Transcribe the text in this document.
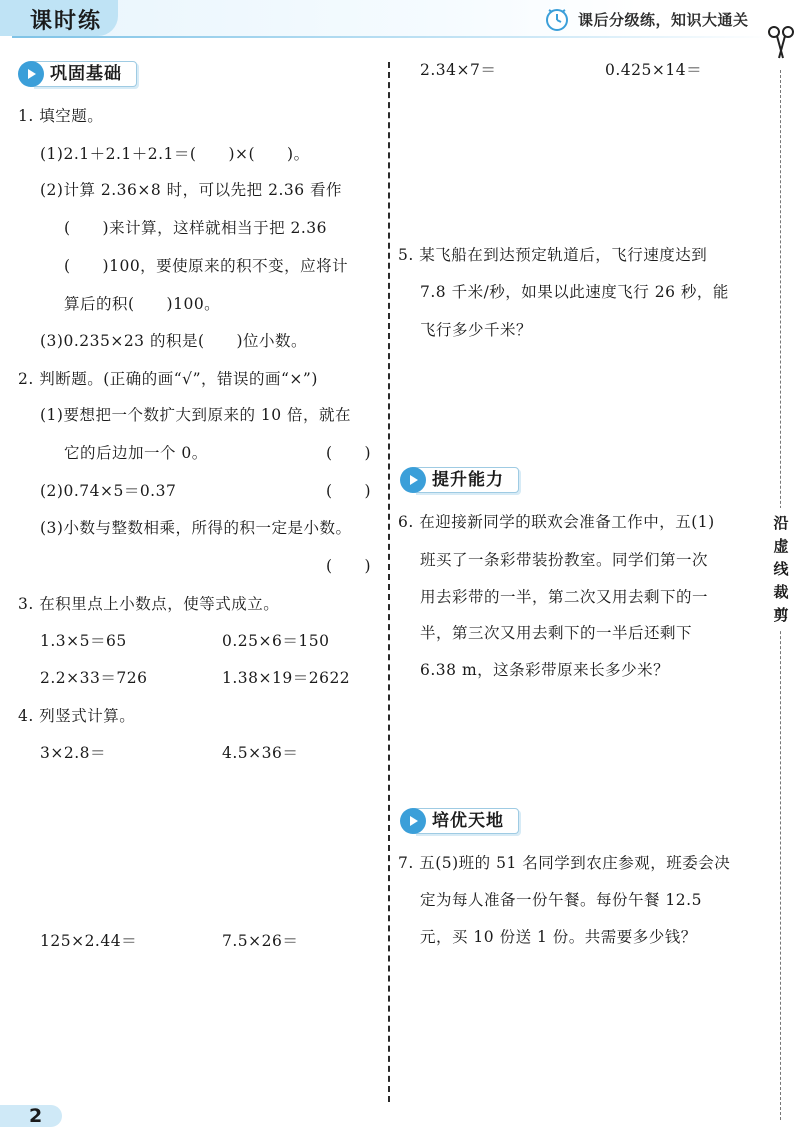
课时练	课后分级练，知识大通关
沿
虚
线
裁
剪
巩固基础
1. 填空题。
(1)2.1＋2.1＋2.1＝(　　)×(　　)。
(2)计算 2.36×8 时，可以先把 2.36 看作
(　　)来计算，这样就相当于把 2.36
(　　)100，要使原来的积不变，应将计
算后的积(　　)100。
(3)0.235×23 的积是(　　)位小数。
2. 判断题。(正确的画“√”，错误的画“×”)
(1)要想把一个数扩大到原来的 10 倍，就在
它的后边加一个 0。	(　　)
(2)0.74×5＝0.37	(　　)
(3)小数与整数相乘，所得的积一定是小数。
(　　)
3. 在积里点上小数点，使等式成立。
1.3×5＝65	0.25×6＝150
2.2×33＝726	1.38×19＝2622
4. 列竖式计算。
3×2.8＝	4.5×36＝
125×2.44＝	7.5×26＝
2.34×7＝	0.425×14＝
5. 某飞船在到达预定轨道后，飞行速度达到
7.8 千米/秒，如果以此速度飞行 26 秒，能
飞行多少千米？
提升能力
6. 在迎接新同学的联欢会准备工作中，五(1)
班买了一条彩带装扮教室。同学们第一次
用去彩带的一半，第二次又用去剩下的一
半，第三次又用去剩下的一半后还剩下
6.38 m，这条彩带原来长多少米？
培优天地
7. 五(5)班的 51 名同学到农庄参观，班委会决
定为每人准备一份午餐。每份午餐 12.5
元，买 10 份送 1 份。共需要多少钱？
2
